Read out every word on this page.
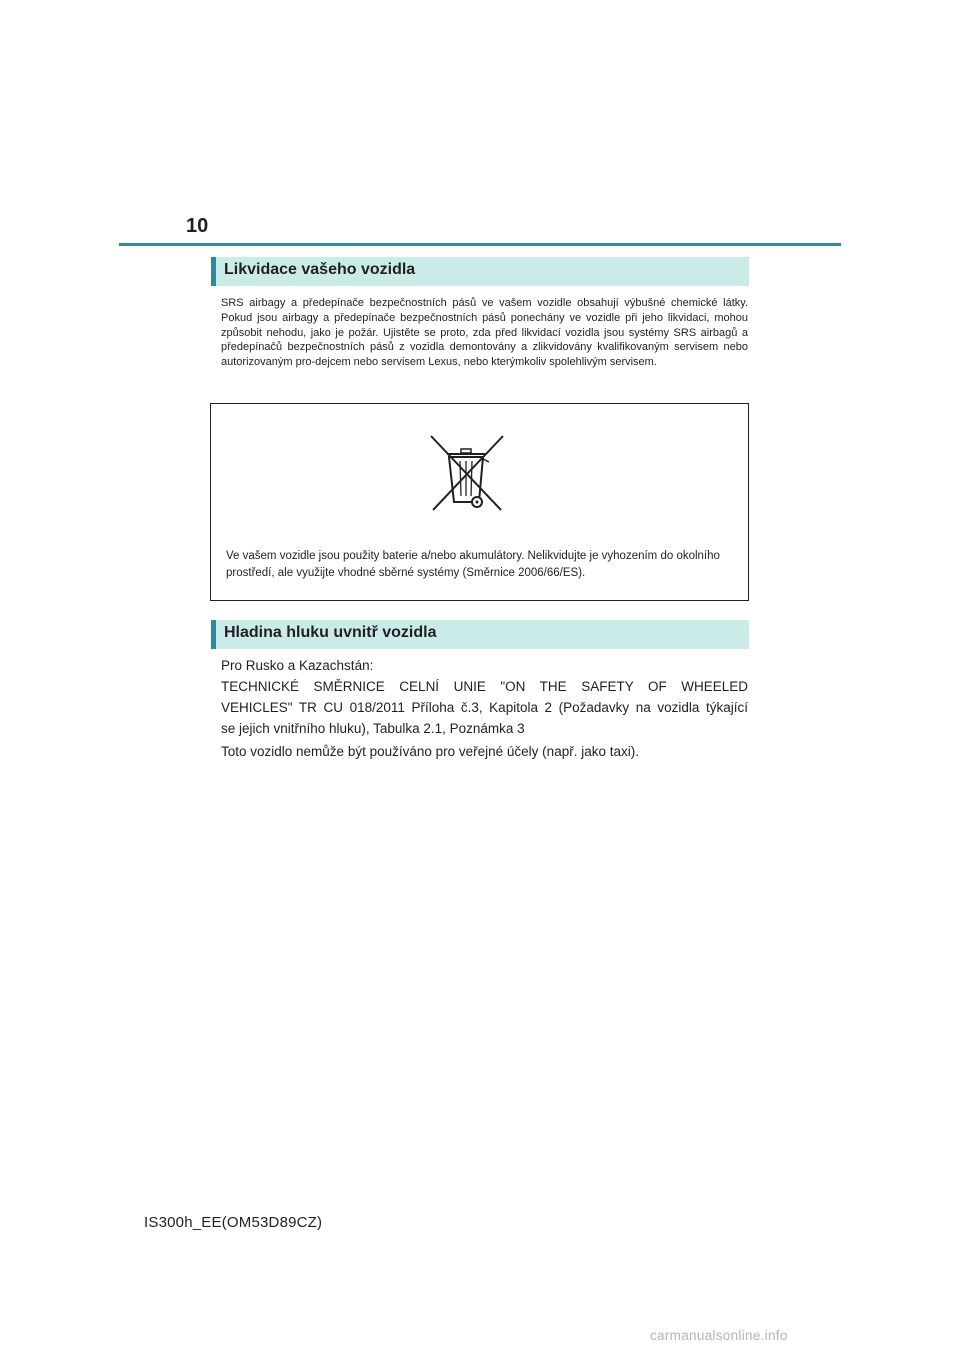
10
Likvidace vašeho vozidla

SRS airbagy a předepínače bezpečnostních pásů ve vašem vozidle obsahují výbušné chemické látky. Pokud jsou airbagy a předepínače bezpečnostních pásů ponechány ve vozidle při jeho likvidaci, mohou způsobit nehodu, jako je požár. Ujistěte se proto, zda před likvidací vozidla jsou systémy SRS airbagů a předepínačů bezpečnostních pásů z vozidla demontovány a zlikvidovány kvalifikovaným servisem nebo autorizovaným pro-dejcem nebo servisem Lexus, nebo kterýmkoliv spolehlivým servisem.

Ve vašem vozidle jsou použity baterie a/nebo akumulátory. Nelikvidujte je vyhozením do okolního prostředí, ale využijte vhodné sběrné systémy (Směrnice 2006/66/ES).

Hladina hluku uvnitř vozidla
Pro Rusko a Kazachstán:
TECHNICKÉ SMĚRNICE CELNÍ UNIE "ON THE SAFETY OF WHEELED
VEHICLES" TR CU 018/2011 Příloha č.3, Kapitola 2 (Požadavky na vozidla týkající
se jejich vnitřního hluku), Tabulka 2.1, Poznámka 3

Toto vozidlo nemůže být používáno pro veřejné účely (např. jako taxi).

IS300h_EE(OM53D89CZ)
carmanualsonline.info
